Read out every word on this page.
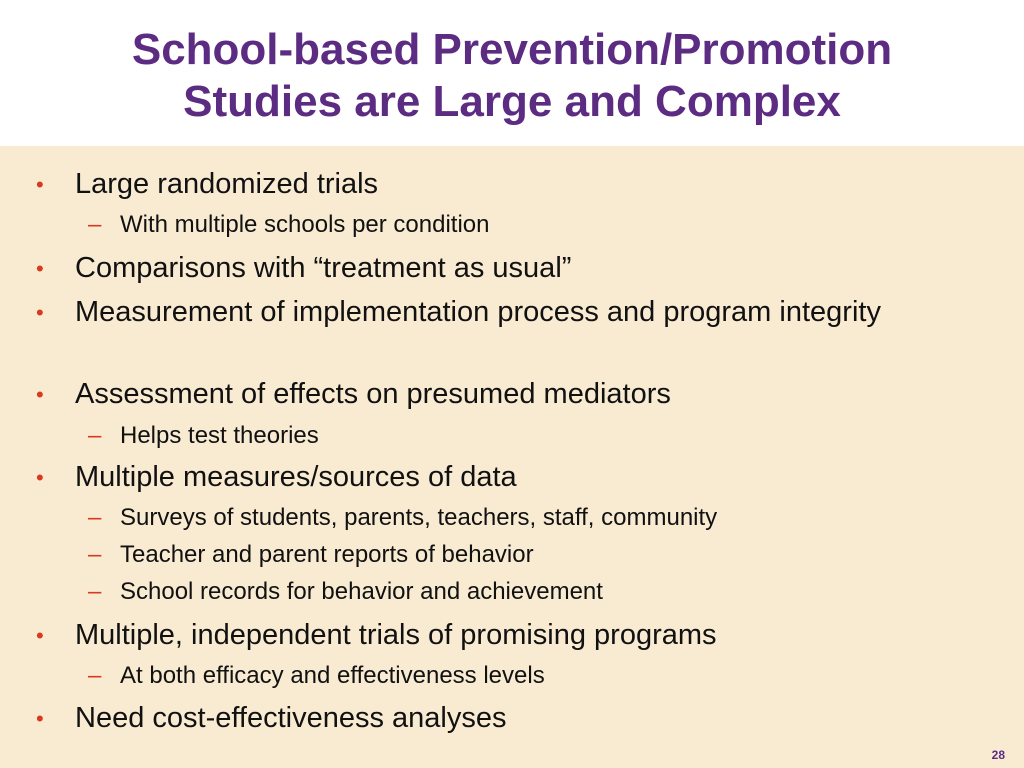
School-based Prevention/Promotion
Studies are Large and Complex
• Large randomized trials
– With multiple schools per condition
• Comparisons with “treatment as usual”
• Measurement of implementation process and program integrity
• Assessment of effects on presumed mediators
– Helps test theories
• Multiple measures/sources of data
– Surveys of students, parents, teachers, staff, community
– Teacher and parent reports of behavior
– School records for behavior and achievement
• Multiple, independent trials of promising programs
– At both efficacy and effectiveness levels
• Need cost-effectiveness analyses
28
